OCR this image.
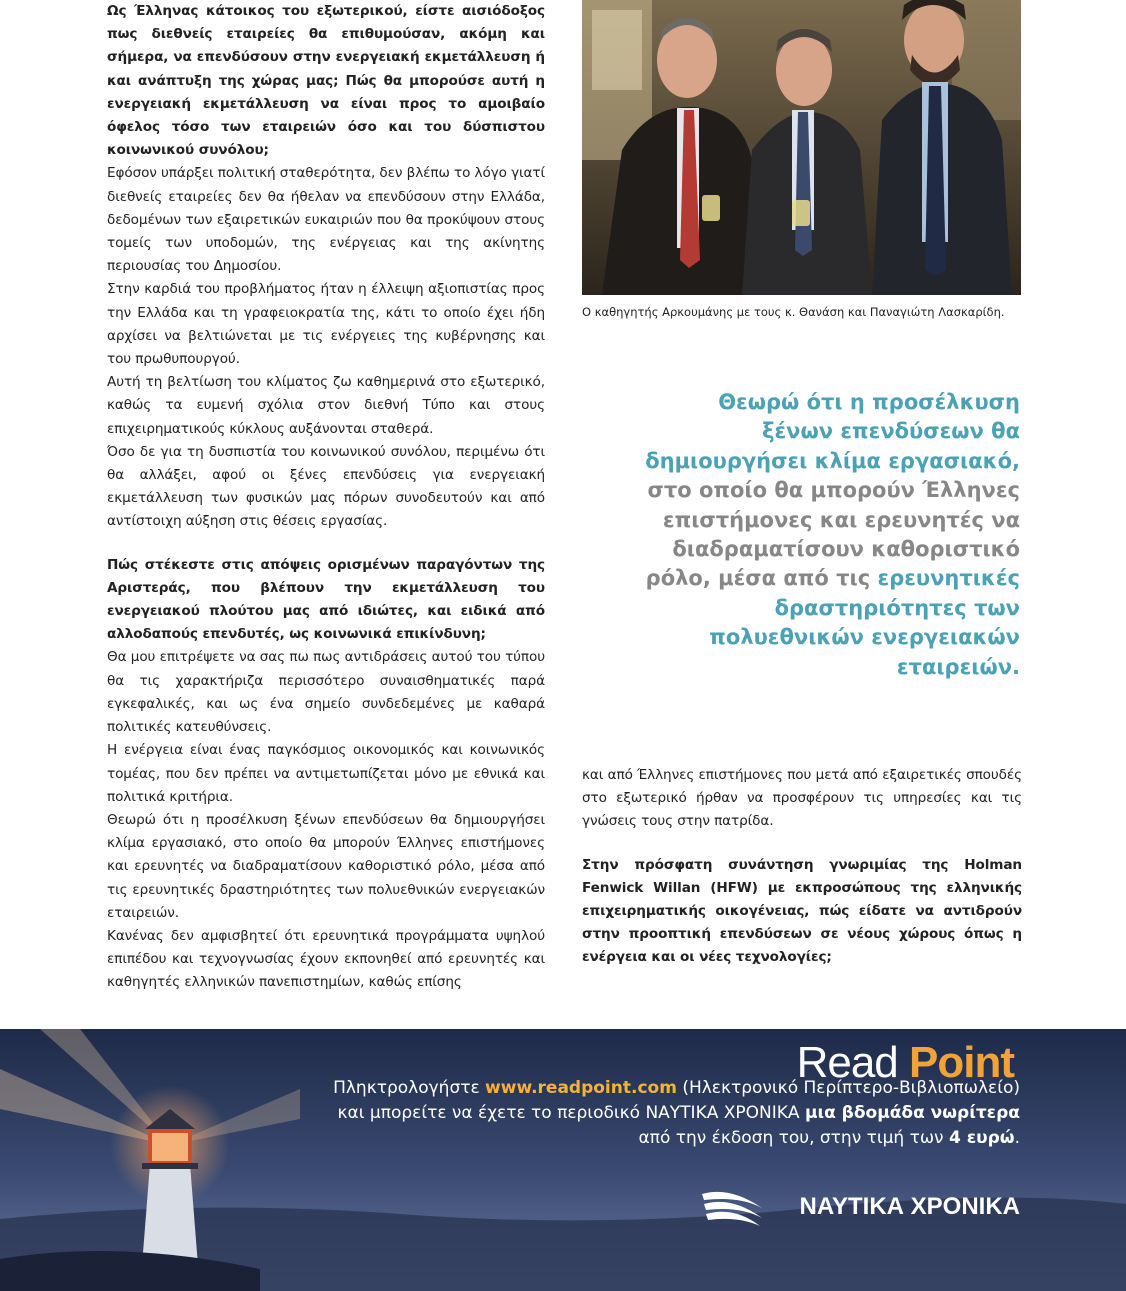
Ως Έλληνας κάτοικος του εξωτερικού, είστε αισιόδοξος πως διεθνείς εταιρείες θα επιθυμούσαν, ακόμη και σήμερα, να επενδύσουν στην ενεργειακή εκμετάλλευση ή και ανάπτυξη της χώρας μας; Πώς θα μπορούσε αυτή η ενεργειακή εκμετάλλευση να είναι προς το αμοιβαίο όφελος τόσο των εταιρειών όσο και του δύσπιστου κοινωνικού συνόλου;

Εφόσον υπάρξει πολιτική σταθερότητα, δεν βλέπω το λόγο γιατί διεθνείς εταιρείες δεν θα ήθελαν να επενδύσουν στην Ελλάδα, δεδομένων των εξαιρετικών ευκαιριών που θα προκύψουν στους τομείς των υποδομών, της ενέργειας και της ακίνητης περιουσίας του Δημοσίου.

Στην καρδιά του προβλήματος ήταν η έλλειψη αξιοπιστίας προς την Ελλάδα και τη γραφειοκρατία της, κάτι το οποίο έχει ήδη αρχίσει να βελτιώνεται με τις ενέργειες της κυβέρνησης και του πρωθυπουργού.

Αυτή τη βελτίωση του κλίματος ζω καθημερινά στο εξωτερικό, καθώς τα ευμενή σχόλια στον διεθνή Τύπο και στους επιχειρηματικούς κύκλους αυξάνονται σταθερά.

Όσο δε για τη δυσπιστία του κοινωνικού συνόλου, περιμένω ότι θα αλλάξει, αφού οι ξένες επενδύσεις για ενεργειακή εκμετάλλευση των φυσικών μας πόρων συνοδευτούν και από αντίστοιχη αύξηση στις θέσεις εργασίας.

Πώς στέκεστε στις απόψεις ορισμένων παραγόντων της Αριστεράς, που βλέπουν την εκμετάλλευση του ενεργειακού πλούτου μας από ιδιώτες, και ειδικά από αλλοδαπούς επενδυτές, ως κοινωνικά επικίνδυνη;

Θα μου επιτρέψετε να σας πω πως αντιδράσεις αυτού του τύπου θα τις χαρακτήριζα περισσότερο συναισθηματικές παρά εγκεφαλικές, και ως ένα σημείο συνδεδεμένες με καθαρά πολιτικές κατευθύνσεις.

Η ενέργεια είναι ένας παγκόσμιος οικονομικός και κοινωνικός τομέας, που δεν πρέπει να αντιμετωπίζεται μόνο με εθνικά και πολιτικά κριτήρια.

Θεωρώ ότι η προσέλκυση ξένων επενδύσεων θα δημιουργήσει κλίμα εργασιακό, στο οποίο θα μπορούν Έλληνες επιστήμονες και ερευνητές να διαδραματίσουν καθοριστικό ρόλο, μέσα από τις ερευνητικές δραστηριότητες των πολυεθνικών ενεργειακών εταιρειών.

Κανένας δεν αμφισβητεί ότι ερευνητικά προγράμματα υψηλού επιπέδου και τεχνογνωσίας έχουν εκπονηθεί από ερευνητές και καθηγητές ελληνικών πανεπιστημίων, καθώς επίσης

Ο καθηγητής Αρκουμάνης με τους κ. Θανάση και Παναγιώτη Λασκαρίδη.
Θεωρώ ότι η προσέλκυση ξένων επενδύσεων θα δημιουργήσει κλίμα εργασιακό, στο οποίο θα μπορούν Έλληνες επιστήμονες και ερευνητές να διαδραματίσουν καθοριστικό ρόλο, μέσα από τις ερευνητικές δραστηριότητες των πολυεθνικών ενεργειακών εταιρειών.

και από Έλληνες επιστήμονες που μετά από εξαιρετικές σπουδές στο εξωτερικό ήρθαν να προσφέρουν τις υπηρεσίες και τις γνώσεις τους στην πατρίδα.

Στην πρόσφατη συνάντηση γνωριμίας της Holman Fenwick Willan (HFW) με εκπροσώπους της ελληνικής επιχειρηματικής οικογένειας, πώς είδατε να αντιδρούν στην προοπτική επενδύσεων σε νέους χώρους όπως η ενέργεια και οι νέες τεχνολογίες;

Read Point
Πληκτρολογήστε www.readpoint.com (Ηλεκτρονικό Περίπτερο-Βιβλιοπωλείο)
και μπορείτε να έχετε το περιοδικό ΝΑΥΤΙΚΑ ΧΡΟΝΙΚΑ μια βδομάδα νωρίτερα
από την έκδοση του, στην τιμή των 4 ευρώ.
ΝΑΥΤΙΚΑ ΧΡΟΝΙΚΑ
